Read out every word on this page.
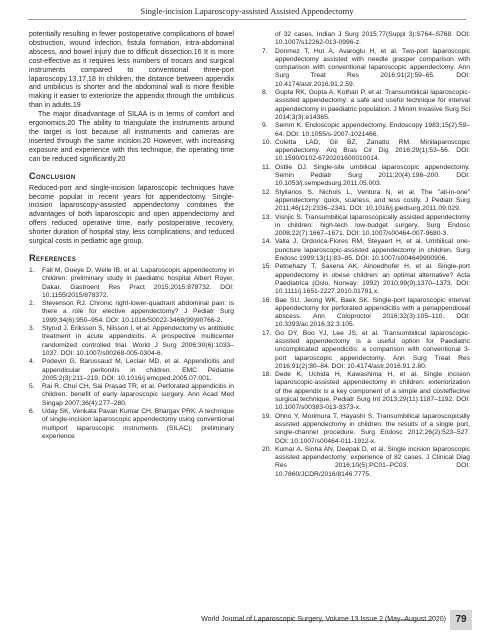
Single-incision Laparoscopy-assisted Assisted Appendectomy

potentially resulting in fewer postoperative complications of bowel obstruction, wound infection, fistula formation, intra-abdominal abscess, and bowel injury due to difficult dissection.16 It is more cost-effective as it requires less numbers of trocars and surgical instruments compared to conventional three-port laparoscopy.13,17,18 In children, the distance between appendix and umbilicus is shorter and the abdominal wall is more flexible making it easier to exteriorize the appendix through the umbilicus than in adults.19

The major disadvantage of SILAA is in terms of comfort and ergonomics.20 The ability to triangulate the instruments around the target is lost because all instruments and cameras are inserted through the same incision.20 However, with increasing exposure and experience with this technique, the operating time can be reduced significantly.20

Conclusion

Reduced-port and single-incision laparoscopic techniques have become popular in recent years for appendectomy. Single-incision laparoscopy-assisted appendectomy combines the advantages of both laparoscopic and open appendectomy and offers reduced operative time, early postoperative recovery, shorter duration of hospital stay, less complications, and reduced surgical costs in pediatric age group.

References
1. Fall M, Gueye D, Welle IB, et al. Laparoscopic appendectomy in children: preliminary study in paediatric hospital Albert Royer, Dakar. Gastroent Res Pract 2015;2015:878732. DOI: 10.1155/2015/878372.
2. Stevenson RJ. Chronic right-lower-quadrant abdominal pain: is there a role for elective appendectomy? J Pediatr Surg 1999;34(6):950–954. DOI: 10.1016/S0022-3468(99)90766-2.
3. Styrud J, Eriksson S, Nilsson I, et al. Appendectomy vs antibiotic treatment in acute appendicitis. A prospective multicenter randomized controlled trial. World J Surg 2006;30(6):1033–1037. DOI: 10.1007/s00268-005-0304-6.
4. Podevin G, Barussaud M, Leclair MD, et al. Appendicitis and appendicular peritonitis in children. EMC Pédiatrie 2005;2(3):211–219. DOI: 10.1016/j.emcped.2005.07.001.
5. Rai R, Chui CH, Sai Prasad TR, et al. Perforated appendicitis in children: benefit of early laparoscopic surgery. Ann Acad Med Singap 2007;36(4):277–280.
6. Uday SK, Venkata Pavan Kumar CH, Bhargav PRK. A technique of single-incision laparoscopic appendectomy using conventional multiport laparoscopic instruments (SILAC): preliminary experience
of 32 cases. Indian J Surg 2015;77(Suppl 3):S764–S768. DOI: 10.1007/s12262-013-0996-z.
7. Donmez T, Hut A, Avaroglu H, et al. Two-port laparoscopic appendectomy assisted with needle grasper comparison with comparison with conventional laparoscopic appendectomy. Ann Surg Treat Res 2016;91(2):59–65. DOI: 10.4174/astr.2016.91.2.59.
8. Gupta RK, Gupta A, Kothari P, et al. Transumbilical laparoscopic-assisted appendectomy: a safe and useful technique for interval appendectomy in paediatric population. J Minim Invasive Surg Sci 2014;3(3):e14365.
9. Semm K. Endoscopic appendectomy. Endoscopy 1983;15(2):59–64. DOI: 10.1055/s-2007-1021466.
10. Coletta LAD, Gil BZ, Zanatto RM. Minilaparoscopic appendectomy. Arq Bras Cir Dig 2016;29(1):53–56. DOI: 10.1590/0102-6720201600010014.
11. Ostlie DJ. Single-site umbilical laparoscopic appendectomy. Semin Pediatr Surg 2011;20(4):196–200. DOI: 10.1053/j.sempedsurg.2011.05.003.
12. Stylianos S, Nichols L, Ventura N, et al. The "all-in-one" appendectomy: quick, scarless, and less costly. J Pediatr Surg 2011;46(12):2336–2341. DOI: 10.1016/j.jpedsurg.2011.09.029.
13. Visnjic S. Transumbilical laparoscopically assisted appendectomy in children: high-tech low-budget surgery. Surg Endosc 2008;22(7):1667–1671. DOI: 10.1007/s00464-007-9680-3.
14. Valla J, Ordorica-Flores RM, Steyaert H, et al. Umbilical one-puncture laparoscopic-assisted appendectomy in children. Surg Endosc 1999;13(1):83–85. DOI: 10.1007/s004649900906.
15. Petnehazy T, Saxena AK, Ainoedhofer H, et al. Single-port appendectomy in obese children: an optimal alternative? Acta Paediatrica (Oslo, Norway: 1992) 2010;99(9):1370–1373. DOI: 10.1111/j.1651-2227.2010.01791.x.
16. Bae SU, Jeong WK, Baek SK. Single-port laparoscopic interval appendectomy for perforated appendicitis with a periappendiceal abscess. Ann Coloproctol 2016;32(3):105–110. DOI: 10.3393/ac.2016.32.3.105.
17. Go DY, Boo YJ, Lee JS, et al. Transumbilical laparoscopic-assisted appendectomy is a useful option for Paediatric uncomplicated appendicitis: a comparison with conventional 3-port laparoscopic appendectomy. Ann Surg Treat Res 2016;91(2):80–84. DOI: 10.4174/astr.2016.91.2.80.
18. Dede K, Uchida H, Kawashima H, et al. Single incision laparoscopic-assisted appendectomy in children: exteriorization of the appendix is a key component of a simple and costeffective surgical technique. Pediatr Surg Int 2013;29(11):1187–1192. DOI: 10.1007/s00383-013-3373-x.
19. Ohno Y, Morimura T, Hayashi S. Transumbilical laparoscopically assisted appendectomy in children: the results of a single port, single-channel procedure. Surg Endosc 2012;26(2):523–527. DOI: 10.1007/s00464-011-1912-x.
20. Kumar A, Sinha AN, Deepak D, et al. Single incision laparoscopic assisted appendectomy: experience of 82 cases. J Clinical Diag Res 2016;10(5):PC01–PC03. DOI: 10.7860/JCDR/2016/8146.7775.
World Journal of Laparoscopic Surgery, Volume 13 Issue 2 (May–August 2020) 79
